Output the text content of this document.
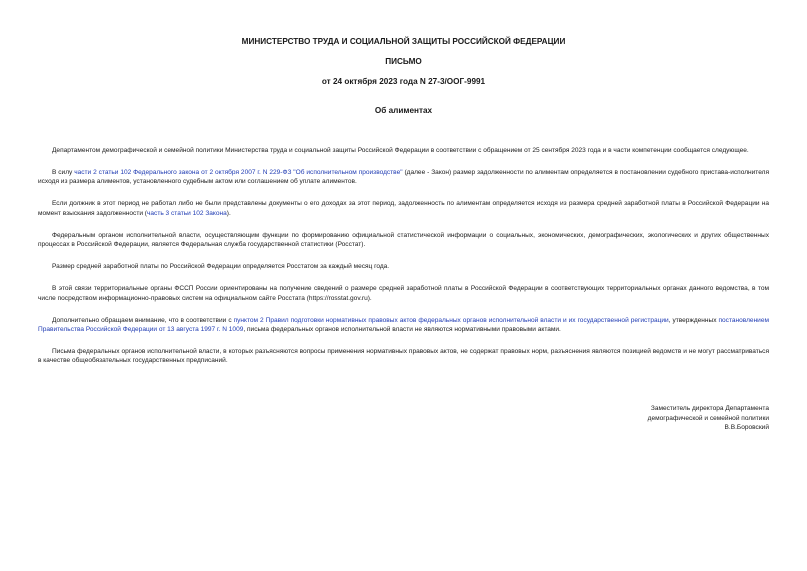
МИНИСТЕРСТВО ТРУДА И СОЦИАЛЬНОЙ ЗАЩИТЫ РОССИЙСКОЙ ФЕДЕРАЦИИ
ПИСЬМО
от 24 октября 2023 года N 27-3/ООГ-9991
Об алиментах

Департаментом демографической и семейной политики Министерства труда и социальной защиты Российской Федерации в соответствии с обращением от 25 сентября 2023 года и в части компетенции сообщается следующее.

В силу части 2 статьи 102 Федерального закона от 2 октября 2007 г. N 229-ФЗ "Об исполнительном производстве" (далее - Закон) размер задолженности по алиментам определяется в постановлении судебного пристава-исполнителя исходя из размера алиментов, установленного судебным актом или соглашением об уплате алиментов.

Если должник в этот период не работал либо не были представлены документы о его доходах за этот период, задолженность по алиментам определяется исходя из размера средней заработной платы в Российской Федерации на момент взыскания задолженности (часть 3 статьи 102 Закона).

Федеральным органом исполнительной власти, осуществляющим функции по формированию официальной статистической информации о социальных, экономических, демографических, экологических и других общественных процессах в Российской Федерации, является Федеральная служба государственной статистики (Росстат).

Размер средней заработной платы по Российской Федерации определяется Росстатом за каждый месяц года.

В этой связи территориальные органы ФССП России ориентированы на получение сведений о размере средней заработной платы в Российской Федерации в соответствующих территориальных органах данного ведомства, в том числе посредством информационно-правовых систем на официальном сайте Росстата (https://rosstat.gov.ru).

Дополнительно обращаем внимание, что в соответствии с пунктом 2 Правил подготовки нормативных правовых актов федеральных органов исполнительной власти и их государственной регистрации, утвержденных постановлением Правительства Российской Федерации от 13 августа 1997 г. N 1009, письма федеральных органов исполнительной власти не являются нормативными правовыми актами.

Письма федеральных органов исполнительной власти, в которых разъясняются вопросы применения нормативных правовых актов, не содержат правовых норм, разъяснения являются позицией ведомств и не могут рассматриваться в качестве общеобязательных государственных предписаний.

Заместитель директора Департамента
демографической и семейной политики
В.В.Боровский
